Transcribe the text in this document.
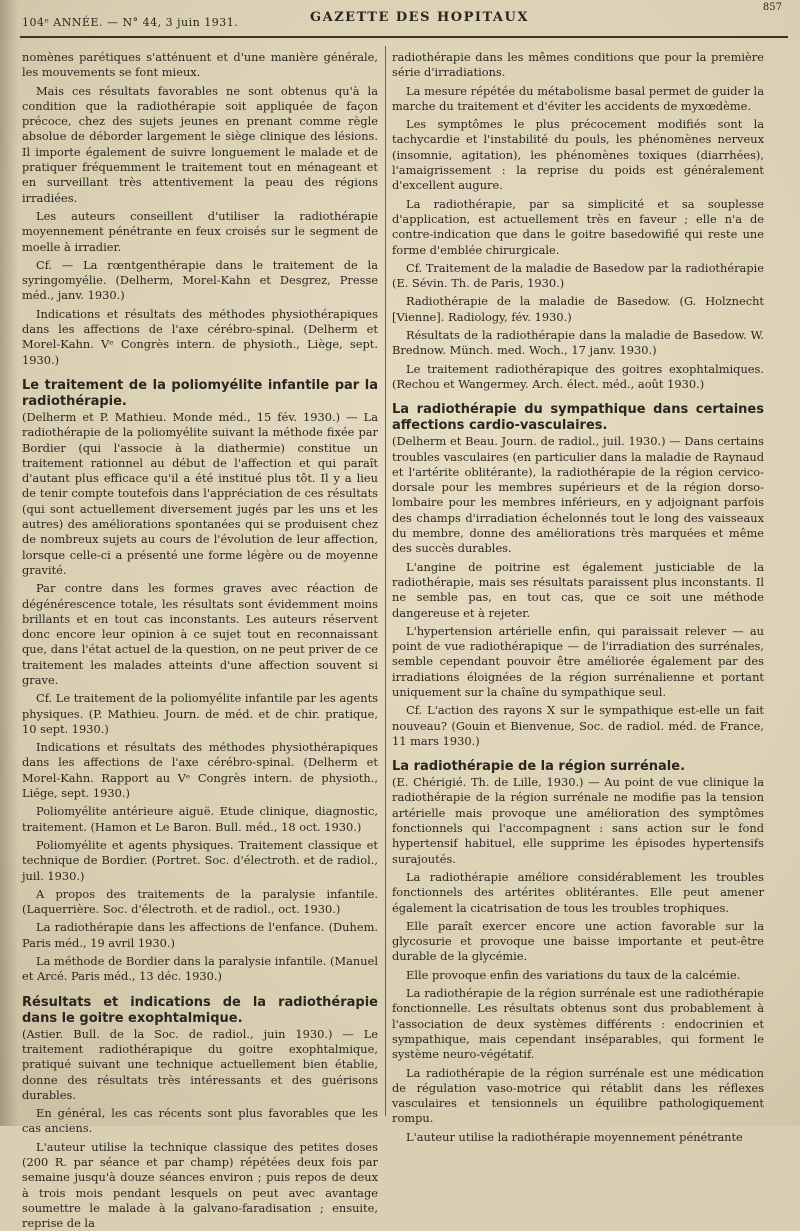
104ᵉ ANNÉE. — N° 44, 3 juin 1931.	GAZETTE DES HOPITAUX
857

nomènes parétiques s'atténuent et d'une manière générale, les mouvements se font mieux.

Mais ces résultats favorables ne sont obtenus qu'à la condition que la radiothérapie soit appliquée de façon précoce, chez des sujets jeunes en prenant comme règle absolue de déborder largement le siège clinique des lésions. Il importe également de suivre longuement le malade et de pratiquer fréquemment le traitement tout en ménageant et en surveillant très attentivement la peau des régions irradiées.

Les auteurs conseillent d'utiliser la radiothérapie moyennement pénétrante en feux croisés sur le segment de moelle à irradier.

Cf. — La rœntgenthérapie dans le traitement de la syringomyélie. (Delherm, Morel-Kahn et Desgrez, Presse méd., janv. 1930.)

Indications et résultats des méthodes physiothérapiques dans les affections de l'axe cérébro-spinal. (Delherm et Morel-Kahn. Vᵉ Congrès intern. de physioth., Liège, sept. 1930.)

Le traitement de la poliomyélite infantile par la radiothérapie.

(Delherm et P. Mathieu. Monde méd., 15 fév. 1930.) — La radiothérapie de la poliomyélite suivant la méthode fixée par Bordier (qui l'associe à la diathermie) constitue un traitement rationnel au début de l'affection et qui paraît d'autant plus efficace qu'il a été institué plus tôt. Il y a lieu de tenir compte toutefois dans l'appréciation de ces résultats (qui sont actuellement diversement jugés par les uns et les autres) des améliorations spontanées qui se produisent chez de nombreux sujets au cours de l'évolution de leur affection, lorsque celle-ci a présenté une forme légère ou de moyenne gravité.

Par contre dans les formes graves avec réaction de dégénérescence totale, les résultats sont évidemment moins brillants et en tout cas inconstants. Les auteurs réservent donc encore leur opinion à ce sujet tout en reconnaissant que, dans l'état actuel de la question, on ne peut priver de ce traitement les malades atteints d'une affection souvent si grave.

Cf. Le traitement de la poliomyélite infantile par les agents physiques. (P. Mathieu. Journ. de méd. et de chir. pratique, 10 sept. 1930.)

Indications et résultats des méthodes physiothérapiques dans les affections de l'axe cérébro-spinal. (Delherm et Morel-Kahn. Rapport au Vᵉ Congrès intern. de physioth., Liége, sept. 1930.)

Poliomyélite antérieure aiguë. Etude clinique, diagnostic, traitement. (Hamon et Le Baron. Bull. méd., 18 oct. 1930.)

Poliomyélite et agents physiques. Traitement classique et technique de Bordier. (Portret. Soc. d'électroth. et de radiol., juil. 1930.)

A propos des traitements de la paralysie infantile. (Laquerrière. Soc. d'électroth. et de radiol., oct. 1930.)

La radiothérapie dans les affections de l'enfance. (Duhem. Paris méd., 19 avril 1930.)

La méthode de Bordier dans la paralysie infantile. (Manuel et Arcé. Paris méd., 13 déc. 1930.)

Résultats et indications de la radiothérapie dans le goitre exophtalmique.

(Astier. Bull. de la Soc. de radiol., juin 1930.) — Le traitement radiothérapique du goitre exophtalmique, pratiqué suivant une technique actuellement bien établie, donne des résultats très intéressants et des guérisons durables.

En général, les cas récents sont plus favorables que les cas anciens.

L'auteur utilise la technique classique des petites doses (200 R. par séance et par champ) répétées deux fois par semaine jusqu'à douze séances environ ; puis repos de deux à trois mois pendant lesquels on peut avec avantage soumettre le malade à la galvano-faradisation ; ensuite, reprise de la

radiothérapie dans les mêmes conditions que pour la première série d'irradiations.

La mesure répétée du métabolisme basal permet de guider la marche du traitement et d'éviter les accidents de myxœdème.

Les symptômes le plus précocement modifiés sont la tachycardie et l'instabilité du pouls, les phénomènes nerveux (insomnie, agitation), les phénomènes toxiques (diarrhées), l'amaigrissement : la reprise du poids est généralement d'excellent augure.

La radiothérapie, par sa simplicité et sa souplesse d'application, est actuellement très en faveur ; elle n'a de contre-indication que dans le goitre basedowifié qui reste une forme d'emblée chirurgicale.

Cf. Traitement de la maladie de Basedow par la radiothérapie (E. Sévin. Th. de Paris, 1930.)

Radiothérapie de la maladie de Basedow. (G. Holznecht [Vienne]. Radiology, fév. 1930.)

Résultats de la radiothérapie dans la maladie de Basedow. W. Brednow. Münch. med. Woch., 17 janv. 1930.)

Le traitement radiothérapique des goitres exophtalmiques. (Rechou et Wangermey. Arch. élect. méd., août 1930.)

La radiothérapie du sympathique dans certaines affections cardio-vasculaires.

(Delherm et Beau. Journ. de radiol., juil. 1930.) — Dans certains troubles vasculaires (en particulier dans la maladie de Raynaud et l'artérite oblitérante), la radiothérapie de la région cervico-dorsale pour les membres supérieurs et de la région dorso-lombaire pour les membres inférieurs, en y adjoignant parfois des champs d'irradiation échelonnés tout le long des vaisseaux du membre, donne des améliorations très marquées et même des succès durables.

L'angine de poitrine est également justiciable de la radiothérapie, mais ses résultats paraissent plus inconstants. Il ne semble pas, en tout cas, que ce soit une méthode dangereuse et à rejeter.

L'hypertension artérielle enfin, qui paraissait relever — au point de vue radiothérapique — de l'irradiation des surrénales, semble cependant pouvoir être améliorée également par des irradiations éloignées de la région surrénalienne et portant uniquement sur la chaîne du sympathique seul.

Cf. L'action des rayons X sur le sympathique est-elle un fait nouveau? (Gouin et Bienvenue, Soc. de radiol. méd. de France, 11 mars 1930.)

La radiothérapie de la région surrénale.

(E. Chérigié. Th. de Lille, 1930.) — Au point de vue clinique la radiothérapie de la région surrénale ne modifie pas la tension artérielle mais provoque une amélioration des symptômes fonctionnels qui l'accompagnent : sans action sur le fond hypertensif habituel, elle supprime les épisodes hypertensifs surajoutés.

La radiothérapie améliore considérablement les troubles fonctionnels des artérites oblitérantes. Elle peut amener également la cicatrisation de tous les troubles trophiques.

Elle paraît exercer encore une action favorable sur la glycosurie et provoque une baisse importante et peut-être durable de la glycémie.

Elle provoque enfin des variations du taux de la calcémie.

La radiothérapie de la région surrénale est une radiothérapie fonctionnelle. Les résultats obtenus sont dus probablement à l'association de deux systèmes différents : endocrinien et sympathique, mais cependant inséparables, qui forment le système neuro-végétatif.

La radiothérapie de la région surrénale est une médication de régulation vaso-motrice qui rétablit dans les réflexes vasculaires et tensionnels un équilibre pathologiquement rompu.

L'auteur utilise la radiothérapie moyennement pénétrante
